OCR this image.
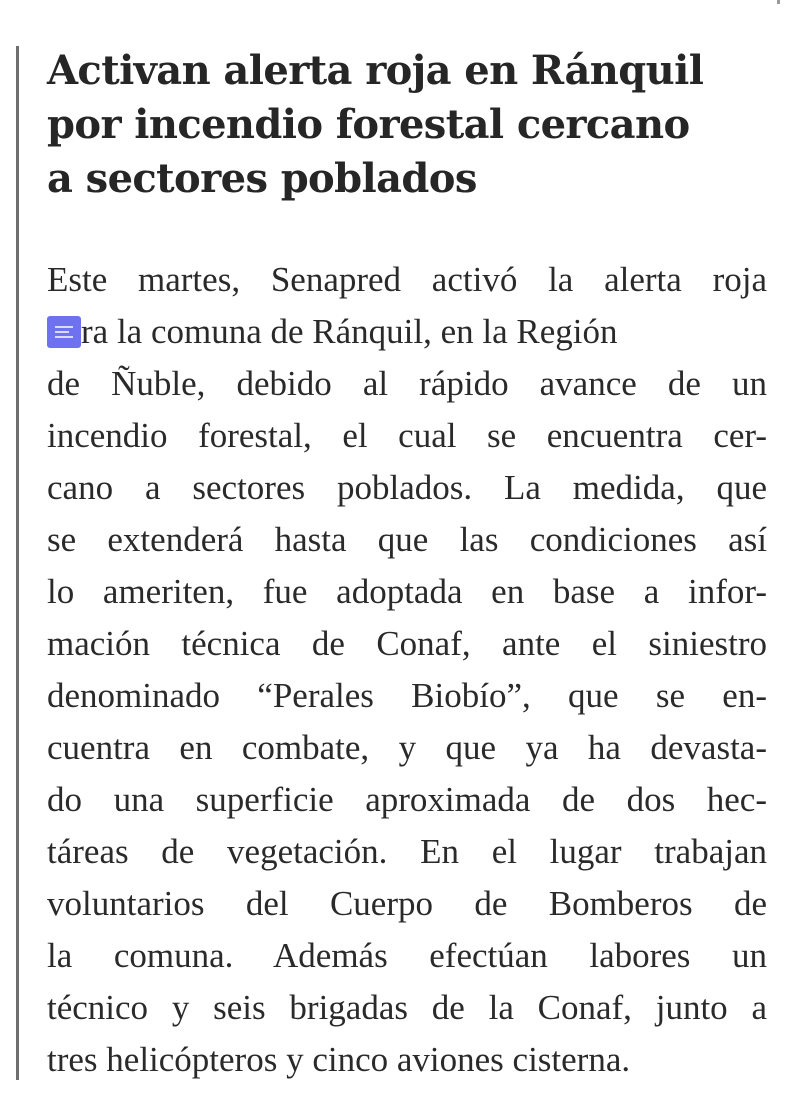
Activan alerta roja en Ránquil
por incendio forestal cercano
a sectores poblados
Este martes, Senapred activó la alerta roja
ra la comuna de Ránquil, en la Región
de Ñuble, debido al rápido avance de un
incendio forestal, el cual se encuentra cer-
cano a sectores poblados. La medida, que
se extenderá hasta que las condiciones así
lo ameriten, fue adoptada en base a infor-
mación técnica de Conaf, ante el siniestro
denominado “Perales Biobío”, que se en-
cuentra en combate, y que ya ha devasta-
do una superficie aproximada de dos hec-
táreas de vegetación. En el lugar trabajan
voluntarios del Cuerpo de Bomberos de
la comuna. Además efectúan labores un
técnico y seis brigadas de la Conaf, junto a
tres helicópteros y cinco aviones cisterna.
